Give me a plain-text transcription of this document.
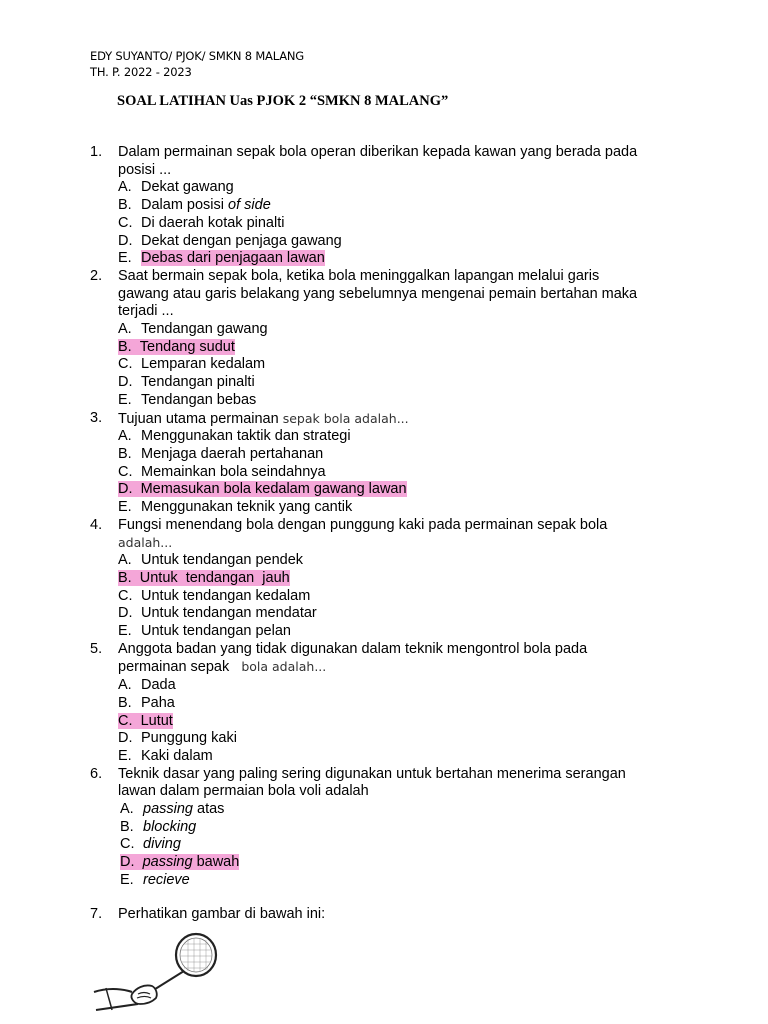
EDY SUYANTO/ PJOK/ SMKN 8 MALANG
TH. P. 2022 - 2023
SOAL LATIHAN Uas PJOK 2 “SMKN 8 MALANG”
1. Dalam permainan sepak bola operan diberikan kepada kawan yang berada pada
posisi ...
A. Dekat gawang
B. Dalam posisi of side
C. Di daerah kotak pinalti
D. Dekat dengan penjaga gawang
E. Debas dari penjagaan lawan
2. Saat bermain sepak bola, ketika bola meninggalkan lapangan melalui garis
gawang atau garis belakang yang sebelumnya mengenai pemain bertahan maka
terjadi ...
A. Tendangan gawang
B. Tendang sudut
C. Lemparan kedalam
D. Tendangan pinalti
E. Tendangan bebas
3. Tujuan utama permainan sepak bola adalah...
A. Menggunakan taktik dan strategi
B. Menjaga daerah pertahanan
C. Memainkan bola seindahnya
D. Memasukan bola kedalam gawang lawan
E. Menggunakan teknik yang cantik
4. Fungsi menendang bola dengan punggung kaki pada permainan sepak bola
adalah...
A. Untuk tendangan pendek
B. Untuk  tendangan  jauh
C. Untuk tendangan kedalam
D. Untuk tendangan mendatar
E. Untuk tendangan pelan
5. Anggota badan yang tidak digunakan dalam teknik mengontrol bola pada
permainan sepak   bola adalah...
A. Dada
B. Paha
C. Lutut
D. Punggung kaki
E. Kaki dalam
6. Teknik dasar yang paling sering digunakan untuk bertahan menerima serangan
lawan dalam permaian bola voli adalah
A. passing atas
B. blocking
C. diving
D. passing bawah
E. recieve
7. Perhatikan gambar di bawah ini:
